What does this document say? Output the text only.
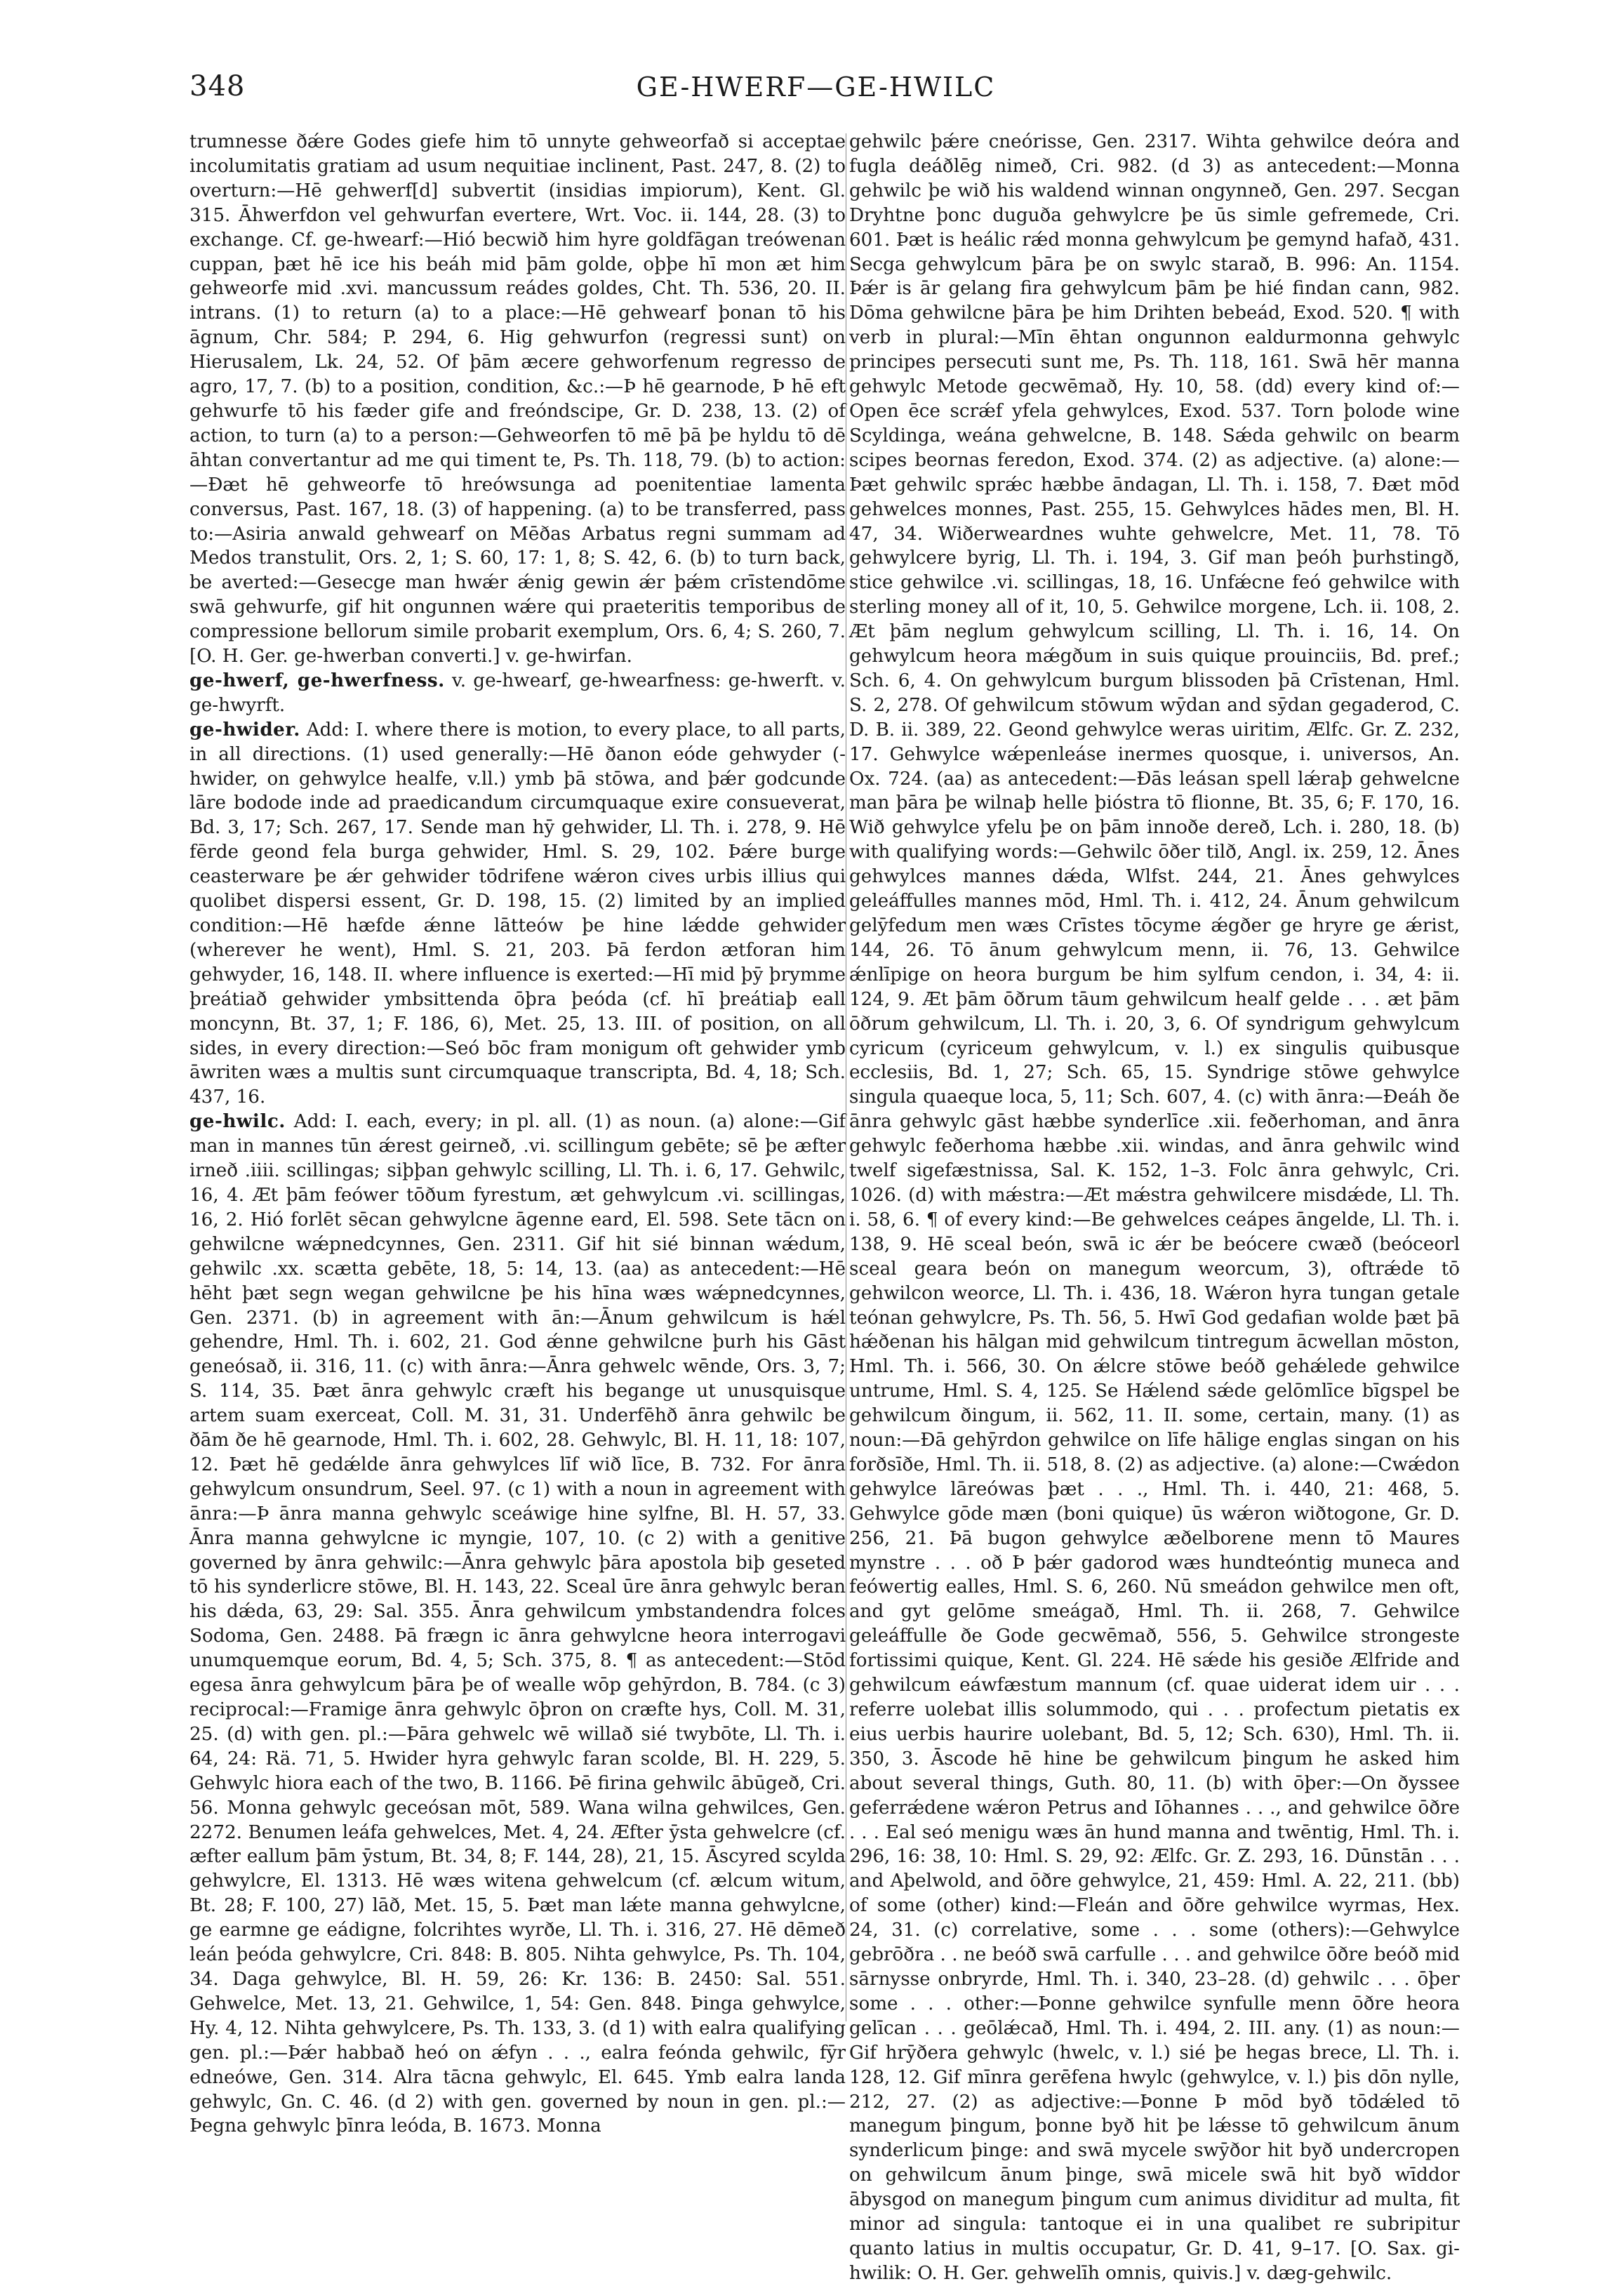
348	GE-HWERF—GE-HWILC

trumnesse ðǽre Godes giefe him tō unnyte gehweorfað si acceptae incolumitatis gratiam ad usum nequitiae inclinent, Past. 247, 8. (2) to overturn:—Hē gehwerf[d] subvertit (insidias impiorum), Kent. Gl. 315. Āhwerfdon vel gehwurfan evertere, Wrt. Voc. ii. 144, 28. (3) to exchange. Cf. ge-hwearf:—Hió becwið him hyre goldfāgan treówenan cuppan, þæt hē ice his beáh mid þām golde, oþþe hī mon æt him gehweorfe mid .xvi. mancussum reádes goldes, Cht. Th. 536, 20. II. intrans. (1) to return (a) to a place:—Hē gehwearf þonan tō his āgnum, Chr. 584; P. 294, 6. Hig gehwurfon (regressi sunt) on Hierusalem, Lk. 24, 52. Of þām æcere gehworfenum regresso de agro, 17, 7. (b) to a position, condition, &c.:—Þ hē gearnode, Þ hē eft gehwurfe tō his fæder gife and freóndscipe, Gr. D. 238, 13. (2) of action, to turn (a) to a person:—Gehweorfen tō mē þā þe hyldu tō dē āhtan convertantur ad me qui timent te, Ps. Th. 118, 79. (b) to action:—Ðæt hē gehweorfe tō hreówsunga ad poenitentiae lamenta conversus, Past. 167, 18. (3) of happening. (a) to be transferred, pass to:—Asiria anwald gehwearf on Mēðas Arbatus regni summam ad Medos transtulit, Ors. 2, 1; S. 60, 17: 1, 8; S. 42, 6. (b) to turn back, be averted:—Gesecge man hwǽr ǽnig gewin ǽr þǽm crīstendōme swā gehwurfe, gif hit ongunnen wǽre qui praeteritis temporibus de compressione bellorum simile probarit exemplum, Ors. 6, 4; S. 260, 7. [O. H. Ger. ge-hwerban converti.] v. ge-hwirfan.

ge-hwerf, ge-hwerfness. v. ge-hwearf, ge-hwearfness: ge-hwerft. v. ge-hwyrft.

ge-hwider. Add: I. where there is motion, to every place, to all parts, in all directions. (1) used generally:—Hē ðanon eóde gehwyder (-hwider, on gehwylce healfe, v.ll.) ymb þā stōwa, and þǽr godcunde lāre bodode inde ad praedicandum circumquaque exire consueverat, Bd. 3, 17; Sch. 267, 17. Sende man hȳ gehwider, Ll. Th. i. 278, 9. Hē fērde geond fela burga gehwider, Hml. S. 29, 102. Þǽre burge ceasterware þe ǽr gehwider tōdrifene wǽron cives urbis illius qui quolibet dispersi essent, Gr. D. 198, 15. (2) limited by an implied condition:—Hē hæfde ǽnne lātteów þe hine lǽdde gehwider (wherever he went), Hml. S. 21, 203. Þā ferdon ætforan him gehwyder, 16, 148. II. where influence is exerted:—Hī mid þȳ þrymme þreátiað gehwider ymbsittenda ōþra þeóda (cf. hī þreátiaþ eall moncynn, Bt. 37, 1; F. 186, 6), Met. 25, 13. III. of position, on all sides, in every direction:—Seó bōc fram monigum oft gehwider ymb āwriten wæs a multis sunt circumquaque transcripta, Bd. 4, 18; Sch. 437, 16.

ge-hwilc. Add: I. each, every; in pl. all. (1) as noun. (a) alone:—Gif man in mannes tūn ǽrest geirneð, .vi. scillingum gebēte; sē þe æfter irneð .iiii. scillingas; siþþan gehwylc scilling, Ll. Th. i. 6, 17. Gehwilc, 16, 4. Æt þām feówer tōðum fyrestum, æt gehwylcum .vi. scillingas, 16, 2. Hió forlēt sēcan gehwylcne āgenne eard, El. 598. Sete tācn on gehwilcne wǽpnedcynnes, Gen. 2311. Gif hit sié binnan wǽdum, gehwilc .xx. scætta gebēte, 18, 5: 14, 13. (aa) as antecedent:—Hē hēht þæt segn wegan gehwilcne þe his hīna wæs wǽpnedcynnes, Gen. 2371. (b) in agreement with ān:—Ānum gehwilcum is hǽl gehendre, Hml. Th. i. 602, 21. God ǽnne gehwilcne þurh his Gāst geneósað, ii. 316, 11. (c) with ānra:—Ānra gehwelc wēnde, Ors. 3, 7; S. 114, 35. Þæt ānra gehwylc cræft his begange ut unusquisque artem suam exerceat, Coll. M. 31, 31. Underfēhð ānra gehwilc be ðām ðe hē gearnode, Hml. Th. i. 602, 28. Gehwylc, Bl. H. 11, 18: 107, 12. Þæt hē gedǽlde ānra gehwylces līf wið līce, B. 732. For ānra gehwylcum onsundrum, Seel. 97. (c 1) with a noun in agreement with ānra:—Þ ānra manna gehwylc sceáwige hine sylfne, Bl. H. 57, 33. Ānra manna gehwylcne ic myngie, 107, 10. (c 2) with a genitive governed by ānra gehwilc:—Ānra gehwylc þāra apostola biþ geseted tō his synderlicre stōwe, Bl. H. 143, 22. Sceal ūre ānra gehwylc beran his dǽda, 63, 29: Sal. 355. Ānra gehwilcum ymbstandendra folces Sodoma, Gen. 2488. Þā frægn ic ānra gehwylcne heora interrogavi unumquemque eorum, Bd. 4, 5; Sch. 375, 8. ¶ as antecedent:—Stōd egesa ānra gehwylcum þāra þe of wealle wōp gehȳrdon, B. 784. (c 3) reciprocal:—Framige ānra gehwylc ōþron on cræfte hys, Coll. M. 31, 25. (d) with gen. pl.:—Þāra gehwelc wē willað sié twybōte, Ll. Th. i. 64, 24: Rä. 71, 5. Hwider hyra gehwylc faran scolde, Bl. H. 229, 5. Gehwylc hiora each of the two, B. 1166. Þē firina gehwilc ābūgeð, Cri. 56. Monna gehwylc geceósan mōt, 589. Wana wilna gehwilces, Gen. 2272. Benumen leáfa gehwelces, Met. 4, 24. Æfter ȳsta gehwelcre (cf. æfter eallum þām ȳstum, Bt. 34, 8; F. 144, 28), 21, 15. Āscyred scylda gehwylcre, El. 1313. Hē wæs witena gehwelcum (cf. ælcum witum, Bt. 28; F. 100, 27) lāð, Met. 15, 5. Þæt man lǽte manna gehwylcne, ge earmne ge eádigne, folcrihtes wyrðe, Ll. Th. i. 316, 27. Hē dēmeð leán þeóda gehwylcre, Cri. 848: B. 805. Nihta gehwylce, Ps. Th. 104, 34. Daga gehwylce, Bl. H. 59, 26: Kr. 136: B. 2450: Sal. 551. Gehwelce, Met. 13, 21. Gehwilce, 1, 54: Gen. 848. Þinga gehwylce, Hy. 4, 12. Nihta gehwylcere, Ps. Th. 133, 3. (d 1) with ealra qualifying gen. pl.:—Þǽr habbað heó on ǽfyn . . ., ealra feónda gehwilc, fȳr edneówe, Gen. 314. Alra tācna gehwylc, El. 645. Ymb ealra landa gehwylc, Gn. C. 46. (d 2) with gen. governed by noun in gen. pl.:—Þegna gehwylc þīnra leóda, B. 1673. Monna

gehwilc þǽre cneórisse, Gen. 2317. Wihta gehwilce deóra and fugla deáðlēg nimeð, Cri. 982. (d 3) as antecedent:—Monna gehwilc þe wið his waldend winnan ongynneð, Gen. 297. Secgan Dryhtne þonc duguða gehwylcre þe ūs simle gefremede, Cri. 601. Þæt is heálic rǽd monna gehwylcum þe gemynd hafað, 431. Secga gehwylcum þāra þe on swylc starað, B. 996: An. 1154. Þǽr is ār gelang fira gehwylcum þām þe hié findan cann, 982. Dōma gehwilcne þāra þe him Drihten bebeád, Exod. 520. ¶ with verb in plural:—Mīn ēhtan ongunnon ealdurmonna gehwylc principes persecuti sunt me, Ps. Th. 118, 161. Swā hēr manna gehwylc Metode gecwēmað, Hy. 10, 58. (dd) every kind of:—Open ēce scrǽf yfela gehwylces, Exod. 537. Torn þolode wine Scyldinga, weána gehwelcne, B. 148. Sǽda gehwilc on bearm scipes beornas feredon, Exod. 374. (2) as adjective. (a) alone:—Þæt gehwilc sprǽc hæbbe āndagan, Ll. Th. i. 158, 7. Ðæt mōd gehwelces monnes, Past. 255, 15. Gehwylces hādes men, Bl. H. 47, 34. Wiðerweardnes wuhte gehwelcre, Met. 11, 78. Tō gehwylcere byrig, Ll. Th. i. 194, 3. Gif man þeóh þurhstingð, stice gehwilce .vi. scillingas, 18, 16. Unfǽcne feó gehwilce with sterling money all of it, 10, 5. Gehwilce morgene, Lch. ii. 108, 2. Æt þām neglum gehwylcum scilling, Ll. Th. i. 16, 14. On gehwylcum heora mǽgðum in suis quique prouinciis, Bd. pref.; Sch. 6, 4. On gehwylcum burgum blissoden þā Crīstenan, Hml. S. 2, 278. Of gehwilcum stōwum wȳdan and sȳdan gegaderod, C. D. B. ii. 389, 22. Geond gehwylce weras uiritim, Ælfc. Gr. Z. 232, 17. Gehwylce wǽpenleáse inermes quosque, i. universos, An. Ox. 724. (aa) as antecedent:—Ðās leásan spell lǽraþ gehwelcne man þāra þe wilnaþ helle þióstra tō flionne, Bt. 35, 6; F. 170, 16. Wið gehwylce yfelu þe on þām innoðe dereð, Lch. i. 280, 18. (b) with qualifying words:—Gehwilc ōðer tilð, Angl. ix. 259, 12. Ānes gehwylces mannes dǽda, Wlfst. 244, 21. Ānes gehwylces geleáffulles mannes mōd, Hml. Th. i. 412, 24. Ānum gehwilcum gelȳfedum men wæs Crīstes tōcyme ǽgðer ge hryre ge ǽrist, 144, 26. Tō ānum gehwylcum menn, ii. 76, 13. Gehwilce ǽnlīpige on heora burgum be him sylfum cendon, i. 34, 4: ii. 124, 9. Æt þām ōðrum tāum gehwilcum healf gelde . . . æt þām ōðrum gehwilcum, Ll. Th. i. 20, 3, 6. Of syndrigum gehwylcum cyricum (cyriceum gehwylcum, v. l.) ex singulis quibusque ecclesiis, Bd. 1, 27; Sch. 65, 15. Syndrige stōwe gehwylce singula quaeque loca, 5, 11; Sch. 607, 4. (c) with ānra:—Ðeáh ðe ānra gehwylc gāst hæbbe synderlīce .xii. feðerhoman, and ānra gehwylc feðerhoma hæbbe .xii. windas, and ānra gehwilc wind twelf sigefæstnissa, Sal. K. 152, 1–3. Folc ānra gehwylc, Cri. 1026. (d) with mǽstra:—Æt mǽstra gehwilcere misdǽde, Ll. Th. i. 58, 6. ¶ of every kind:—Be gehwelces ceápes āngelde, Ll. Th. i. 138, 9. Hē sceal beón, swā ic ǽr be beócere cwæð (beóceorl sceal geara beón on manegum weorcum, 3), oftrǽde tō gehwilcon weorce, Ll. Th. i. 436, 18. Wǽron hyra tungan getale teónan gehwylcre, Ps. Th. 56, 5. Hwī God gedafian wolde þæt þā hǽðenan his hālgan mid gehwilcum tintregum ācwellan mōston, Hml. Th. i. 566, 30. On ǽlcre stōwe beóð gehǽlede gehwilce untrume, Hml. S. 4, 125. Se Hǽlend sǽde gelōmlīce bīgspel be gehwilcum ðingum, ii. 562, 11. II. some, certain, many. (1) as noun:—Ðā gehȳrdon gehwilce on līfe hālige englas singan on his forðsīðe, Hml. Th. ii. 518, 8. (2) as adjective. (a) alone:—Cwǽdon gehwylce lāreówas þæt . . ., Hml. Th. i. 440, 21: 468, 5. Gehwylce gōde mæn (boni quique) ūs wǽron wiðtogone, Gr. D. 256, 21. Þā bugon gehwylce æðelborene menn tō Maures mynstre . . . oð Þ þǽr gadorod wæs hundteóntig muneca and feówertig ealles, Hml. S. 6, 260. Nū smeádon gehwilce men oft, and gyt gelōme smeágað, Hml. Th. ii. 268, 7. Gehwilce geleáffulle ðe Gode gecwēmað, 556, 5. Gehwilce strongeste fortissimi quique, Kent. Gl. 224. Hē sǽde his gesiðe Ælfride and gehwilcum eáwfæstum mannum (cf. quae uiderat idem uir . . . referre uolebat illis solummodo, qui . . . profectum pietatis ex eius uerbis haurire uolebant, Bd. 5, 12; Sch. 630), Hml. Th. ii. 350, 3. Āscode hē hine be gehwilcum þingum he asked him about several things, Guth. 80, 11. (b) with ōþer:—On ðyssee geferrǽdene wǽron Petrus and Iōhannes . . ., and gehwilce ōðre . . . Eal seó menigu wæs ān hund manna and twēntig, Hml. Th. i. 296, 16: 38, 10: Hml. S. 29, 92: Ælfc. Gr. Z. 293, 16. Dūnstān . . . and Aþelwold, and ōðre gehwylce, 21, 459: Hml. A. 22, 211. (bb) of some (other) kind:—Fleán and ōðre gehwilce wyrmas, Hex. 24, 31. (c) correlative, some . . . some (others):—Gehwylce gebrōðra . . ne beóð swā carfulle . . . and gehwilce ōðre beóð mid sārnysse onbryrde, Hml. Th. i. 340, 23–28. (d) gehwilc . . . ōþer some . . . other:—Þonne gehwilce synfulle menn ōðre heora gelīcan . . . geōlǽcað, Hml. Th. i. 494, 2. III. any. (1) as noun:—Gif hrȳðera gehwylc (hwelc, v. l.) sié þe hegas brece, Ll. Th. i. 128, 12. Gif mīnra gerēfena hwylc (gehwylce, v. l.) þis dōn nylle, 212, 27. (2) as adjective:—Þonne Þ mōd byð tōdǽled tō manegum þingum, þonne byð hit þe lǽsse tō gehwilcum ānum synderlicum þinge: and swā mycele swȳðor hit byð undercropen on gehwilcum ānum þinge, swā micele swā hit byð wīddor ābysgod on manegum þingum cum animus dividitur ad multa, fit minor ad singula: tantoque ei in una qualibet re subripitur quanto latius in multis occupatur, Gr. D. 41, 9–17. [O. Sax. gi-hwilik: O. H. Ger. gehwelīh omnis, quivis.] v. dæg-gehwilc.
